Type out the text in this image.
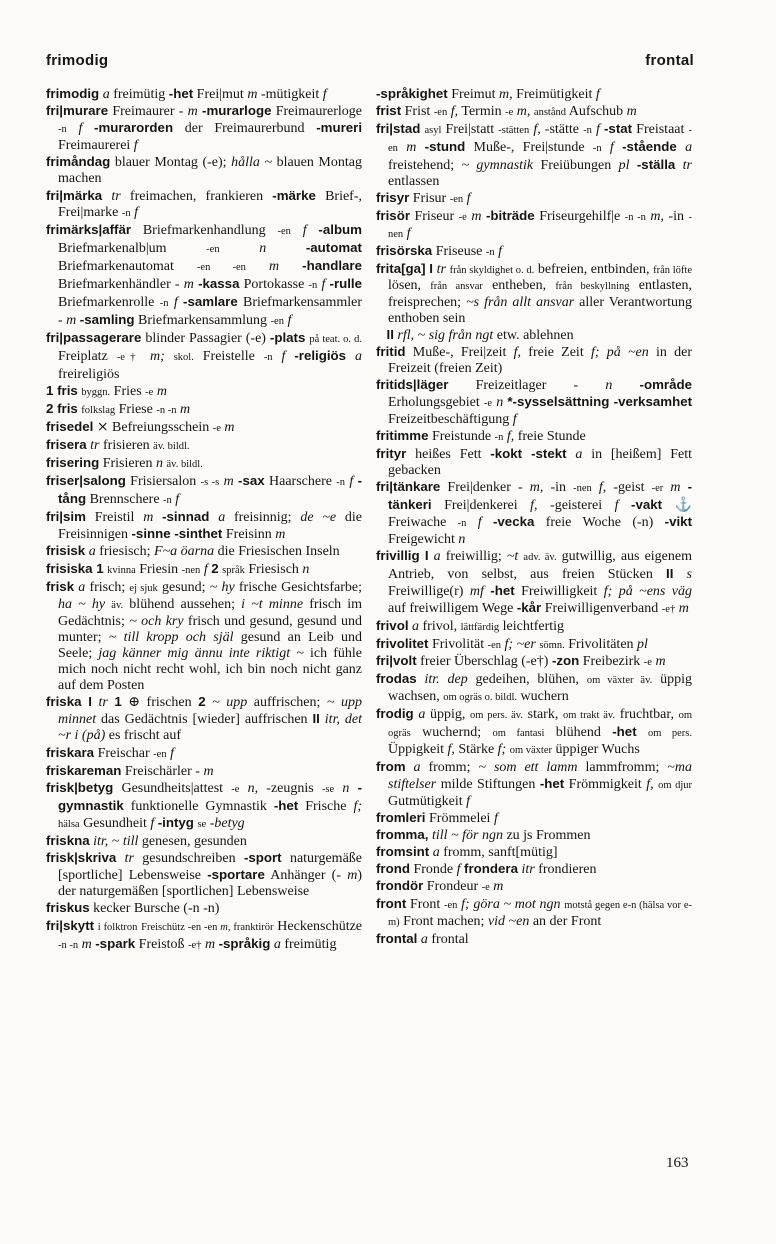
frimodig	frontal

frimodig a freimütig -het Frei|mut m -mütigkeit f

fri|murare Freimaurer - m -murarloge Freimaurerloge -n f -murarorden der Freimaurerbund -mureri Freimaurerei f

frimåndag blauer Montag (-e); hålla ~ blauen Montag machen

fri|märka tr freimachen, frankieren -märke Brief-, Frei|marke -n f

frimärks|affär Briefmarkenhandlung -en f -album Briefmarkenalb|um -en	n	-automat Briefmarkenautomat -en -en m -handlare Briefmarkenhändler - m -kassa Portokasse -n f -rulle Briefmarkenrolle -n f -samlare Briefmarkensammler - m -samling Briefmarkensammlung -en f

fri|passagerare blinder Passagier (-e) -plats på teat. o. d. Freiplatz -e† m; skol. Freistelle -n f -religiös a freireligiös

1 fris byggn. Fries -e m

2 fris folkslag Friese -n -n m

frisedel ⨯ Befreiungsschein -e m

frisera tr frisieren äv. bildl.

frisering Frisieren n äv. bildl.

friser|salong Frisiersalon -s -s m -sax Haarschere -n f -tång Brennschere -n f

fri|sim Freistil m -sinnad a freisinnig; de ~e die Freisinnigen -sinne -sinthet Freisinn m

frisisk a friesisch; F~a öarna die Friesischen Inseln

frisiska 1 kvinna Friesin -nen f 2 språk Friesisch n

frisk a frisch; ej sjuk gesund; ~ hy frische Gesichtsfarbe; ha ~ hy äv. blühend aussehen; i ~t minne frisch im Gedächtnis; ~ och kry frisch und gesund, gesund und munter; ~ till kropp och själ gesund an Leib und Seele; jag känner mig ännu inte riktigt ~ ich fühle mich noch nicht recht wohl, ich bin noch nicht ganz auf dem Posten

friska I tr 1 ⊕ frischen 2 ~ upp auffrischen; ~ upp minnet das Gedächtnis [wieder] auffrischen II itr, det ~r i (på) es frischt auf

friskara Freischar -en f

friskareman Freischärler - m

frisk|betyg Gesundheits|attest -e n, -zeugnis -se n -gymnastik funktionelle Gymnastik -het Frische f; hälsa Gesundheit f -intyg se -betyg

friskna itr, ~ till genesen, gesunden

frisk|skriva tr gesundschreiben -sport naturgemäße [sportliche] Lebensweise -sportare Anhänger (- m) der naturgemäßen [sportlichen] Lebensweise

friskus kecker Bursche (-n -n)

fri|skytt i folktron Freischütz -en -en m, franktirör Heckenschütze -n -n m -spark Freistoß -e† m -språkig a freimütig

-språkighet Freimut m, Freimütigkeit f

frist Frist -en f, Termin -e m, anstånd Aufschub m

fri|stad asyl Frei|statt -stätten f, -stätte -n f -stat Freistaat -en m -stund Muße-, Frei|stunde -n f -stående a freistehend; ~ gymnastik Freiübungen pl -ställa tr entlassen

frisyr Frisur -en f

frisör Friseur -e m -biträde Friseurgehilf|e -n -n m, -in -nen f

frisörska Friseuse -n f

frita[ga] I tr från skyldighet o. d. befreien, entbinden, från löfte lösen, från ansvar entheben, från beskyllning entlasten, freisprechen; ~s från allt ansvar aller Verantwortung enthoben sein

II rfl, ~ sig från ngt etw. ablehnen

fritid Muße-, Frei|zeit f, freie Zeit f; på ~en in der Freizeit (freien Zeit)

fritids|läger Freizeitlager - n -område Erholungsgebiet -e n *-sysselsättning -verksamhet Freizeitbeschäftigung f

fritimme Freistunde -n f, freie Stunde

frityr heißes Fett -kokt -stekt a in [heißem] Fett gebacken

fri|tänkare Frei|denker - m, -in -nen f, -geist -er m -tänkeri Frei|denkerei f, -geisterei f -vakt ⚓ Freiwache -n f -vecka freie Woche (-n) -vikt Freigewicht n

frivillig I a freiwillig; ~t adv. äv. gutwillig, aus eigenem Antrieb, von selbst, aus freien Stücken II s Freiwillige(r) mf -het Freiwilligkeit f; på ~ens väg auf freiwilligem Wege -kår Freiwilligenverband -e† m

frivol a frivol, lättfärdig leichtfertig

frivolitet Frivolität -en f; ~er sömn. Frivolitäten pl

fri|volt freier Überschlag (-e†) -zon Freibezirk -e m

frodas itr. dep gedeihen, blühen, om växter äv. üppig wachsen, om ogräs o. bildl. wuchern

frodig a üppig, om pers. äv. stark, om trakt äv. fruchtbar, om ogräs wuchernd; om fantasi blühend -het om pers. Üppigkeit f, Stärke f; om växter üppiger Wuchs

from a fromm; ~ som ett lamm lammfromm; ~ma stiftelser milde Stiftungen -het Frömmigkeit f, om djur Gutmütigkeit f

fromleri Frömmelei f

fromma, till ~ för ngn zu js Frommen

fromsint a fromm, sanft[mütig]

frond Fronde f frondera itr frondieren

frondör Frondeur -e m

front Front -en f; göra ~ mot ngn motstå gegen e-n (hälsa vor e-m) Front machen; vid ~en an der Front

frontal a frontal

163
